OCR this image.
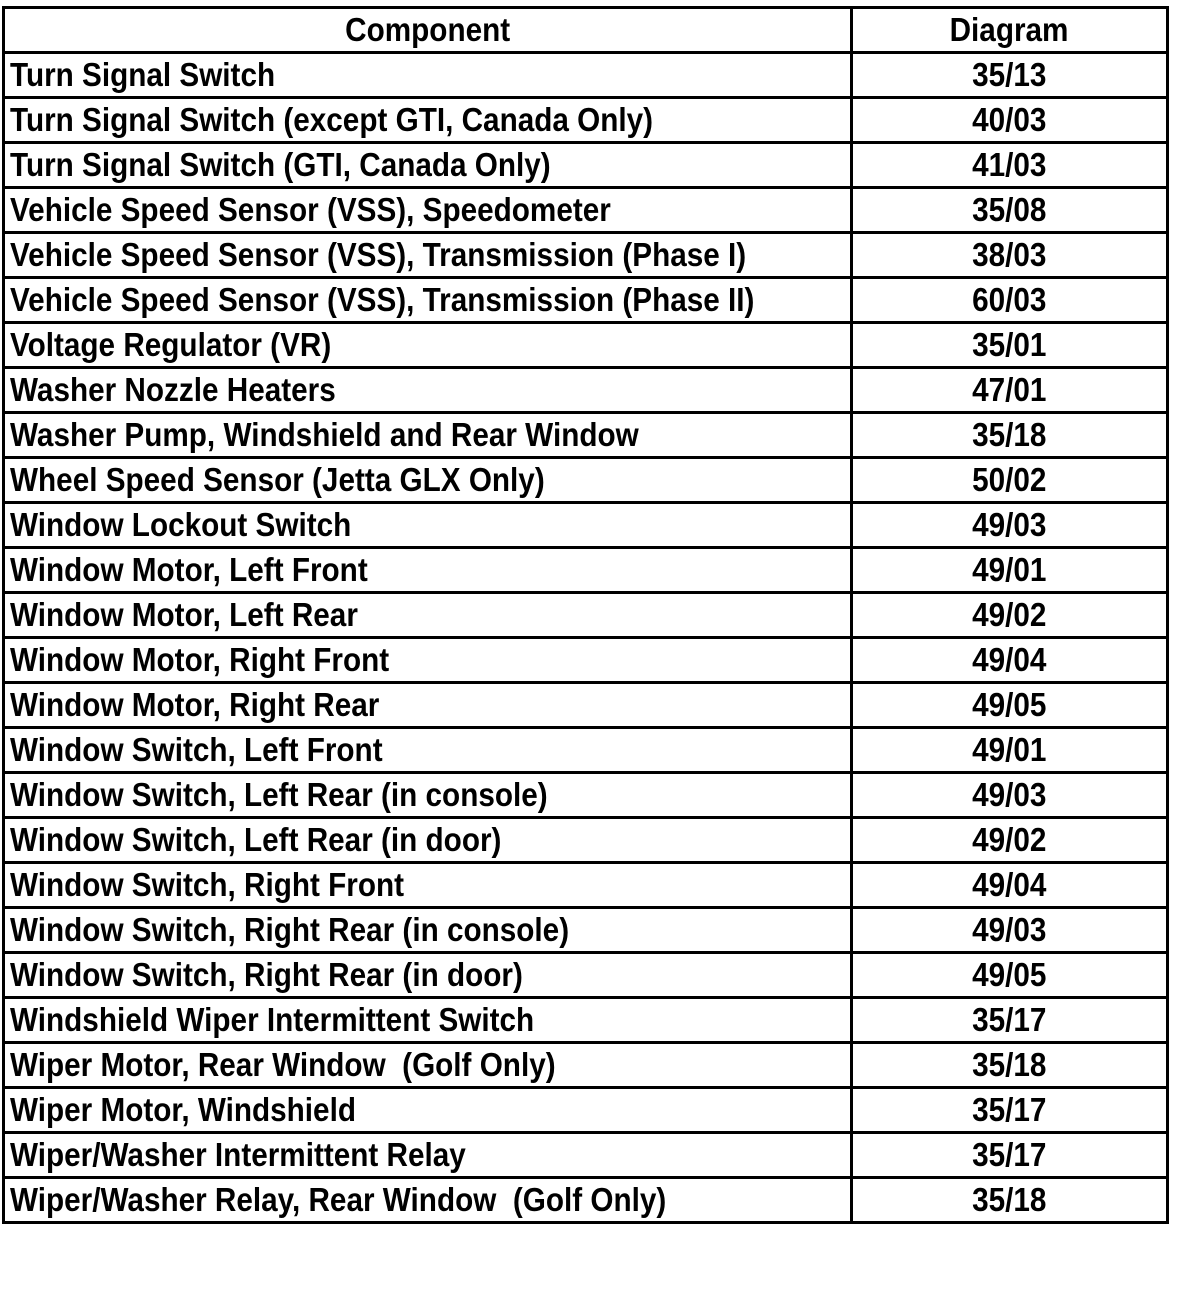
Component	Diagram
Turn Signal Switch	35/13
Turn Signal Switch (except GTI, Canada Only)	40/03
Turn Signal Switch (GTI, Canada Only)	41/03
Vehicle Speed Sensor (VSS), Speedometer	35/08
Vehicle Speed Sensor (VSS), Transmission (Phase I)	38/03
Vehicle Speed Sensor (VSS), Transmission (Phase II)	60/03
Voltage Regulator (VR)	35/01
Washer Nozzle Heaters	47/01
Washer Pump, Windshield and Rear Window	35/18
Wheel Speed Sensor (Jetta GLX Only)	50/02
Window Lockout Switch	49/03
Window Motor, Left Front	49/01
Window Motor, Left Rear	49/02
Window Motor, Right Front	49/04
Window Motor, Right Rear	49/05
Window Switch, Left Front	49/01
Window Switch, Left Rear (in console)	49/03
Window Switch, Left Rear (in door)	49/02
Window Switch, Right Front	49/04
Window Switch, Right Rear (in console)	49/03
Window Switch, Right Rear (in door)	49/05
Windshield Wiper Intermittent Switch	35/17
Wiper Motor, Rear Window  (Golf Only)	35/18
Wiper Motor, Windshield	35/17
Wiper/Washer Intermittent Relay	35/17
Wiper/Washer Relay, Rear Window  (Golf Only)	35/18
